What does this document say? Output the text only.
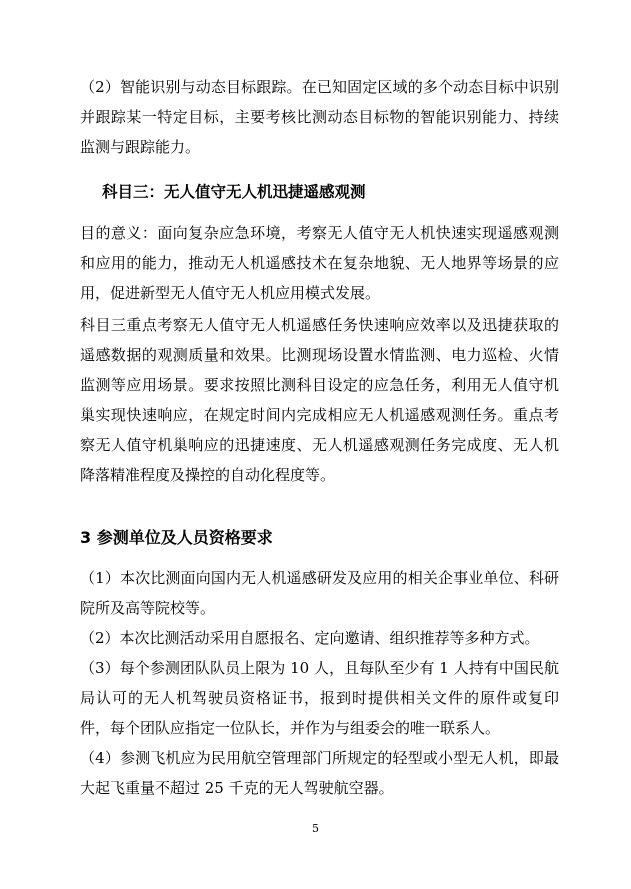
（2）智能识别与动态目标跟踪。在已知固定区域的多个动态目标中识别并跟踪某一特定目标，主要考核比测动态目标物的智能识别能力、持续监测与跟踪能力。

科目三：无人值守无人机迅捷遥感观测

目的意义：面向复杂应急环境，考察无人值守无人机快速实现遥感观测和应用的能力，推动无人机遥感技术在复杂地貌、无人地界等场景的应用，促进新型无人值守无人机应用模式发展。

科目三重点考察无人值守无人机遥感任务快速响应效率以及迅捷获取的遥感数据的观测质量和效果。比测现场设置水情监测、电力巡检、火情监测等应用场景。要求按照比测科目设定的应急任务，利用无人值守机巢实现快速响应，在规定时间内完成相应无人机遥感观测任务。重点考察无人值守机巢响应的迅捷速度、无人机遥感观测任务完成度、无人机降落精准程度及操控的自动化程度等。

3 参测单位及人员资格要求

（1）本次比测面向国内无人机遥感研发及应用的相关企事业单位、科研院所及高等院校等。

（2）本次比测活动采用自愿报名、定向邀请、组织推荐等多种方式。

（3）每个参测团队队员上限为 10 人，且每队至少有 1 人持有中国民航局认可的无人机驾驶员资格证书，报到时提供相关文件的原件或复印件，每个团队应指定一位队长，并作为与组委会的唯一联系人。

（4）参测飞机应为民用航空管理部门所规定的轻型或小型无人机，即最大起飞重量不超过 25 千克的无人驾驶航空器。

5
